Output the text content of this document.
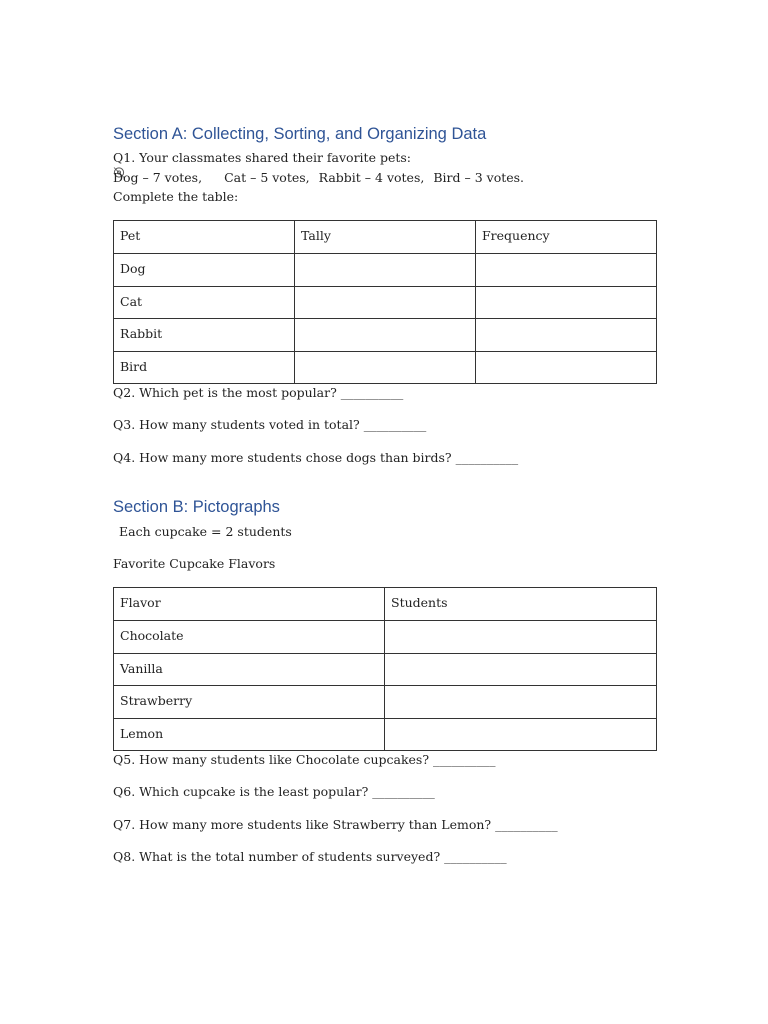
Section A: Collecting, Sorting, and Organizing Data

Q1. Your classmates shared their favorite pets:

Dog – 7 votes, Cat – 5 votes, Rabbit – 4 votes, Bird – 3 votes.

Complete the table:

Pet	Tally	Frequency
Dog		
Cat		
Rabbit		
Bird		

Q2. Which pet is the most popular? __________

Q3. How many students voted in total? __________

Q4. How many more students chose dogs than birds? __________

Section B: Pictographs

Each cupcake = 2 students

Favorite Cupcake Flavors

Flavor	Students
Chocolate	
Vanilla	
Strawberry	
Lemon	

Q5. How many students like Chocolate cupcakes? __________

Q6. Which cupcake is the least popular? __________

Q7. How many more students like Strawberry than Lemon? __________

Q8. What is the total number of students surveyed? __________
